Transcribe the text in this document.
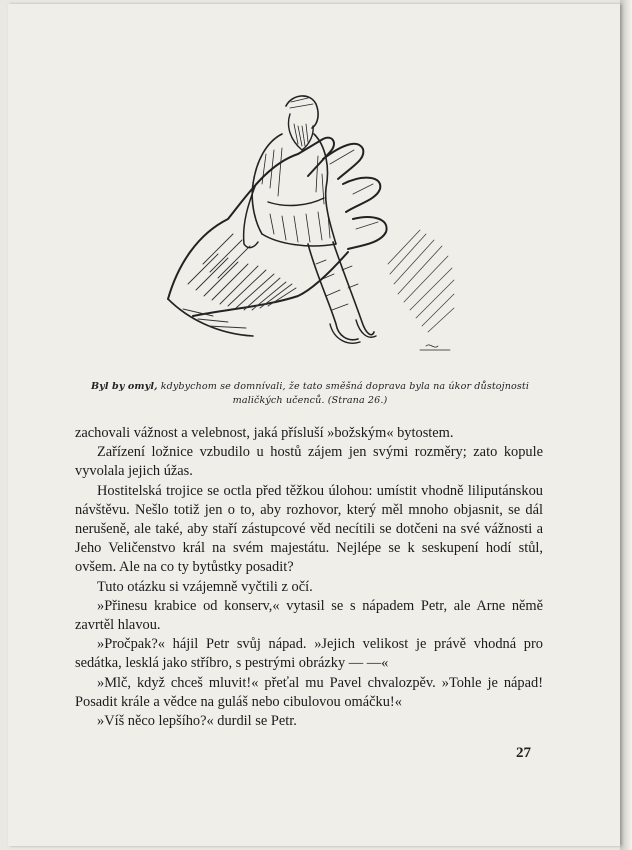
Byl by omyl, kdybychom se domnívali, že tato směšná doprava byla na úkor důstojnosti maličkých učenců. (Strana 26.)

zachovali vážnost a velebnost, jaká přísluší »božským« bytostem.

Zařízení ložnice vzbudilo u hostů zájem jen svými rozměry; zato kopule vyvolala jejich úžas.

Hostitelská trojice se octla před těžkou úlohou: umístit vhodně liliputánskou návštěvu. Nešlo totiž jen o to, aby rozhovor, který měl mnoho objasnit, se dál nerušeně, ale také, aby staří zástupcové věd necítili se dotčeni na své vážnosti a Jeho Veličenstvo král na svém majestátu. Nejlépe se k seskupení hodí stůl, ovšem. Ale na co ty bytůstky posadit?

Tuto otázku si vzájemně vyčtili z očí.

»Přinesu krabice od konserv,« vytasil se s nápadem Petr, ale Arne němě zavrtěl hlavou.

»Pročpak?« hájil Petr svůj nápad. »Jejich velikost je právě vhodná pro sedátka, lesklá jako stříbro, s pestrými obrázky — —«

»Mlč, když chceš mluvit!« přeťal mu Pavel chvalozpěv. »Tohle je nápad! Posadit krále a vědce na guláš nebo cibulovou omáčku!«

»Víš něco lepšího?« durdil se Petr.

27
